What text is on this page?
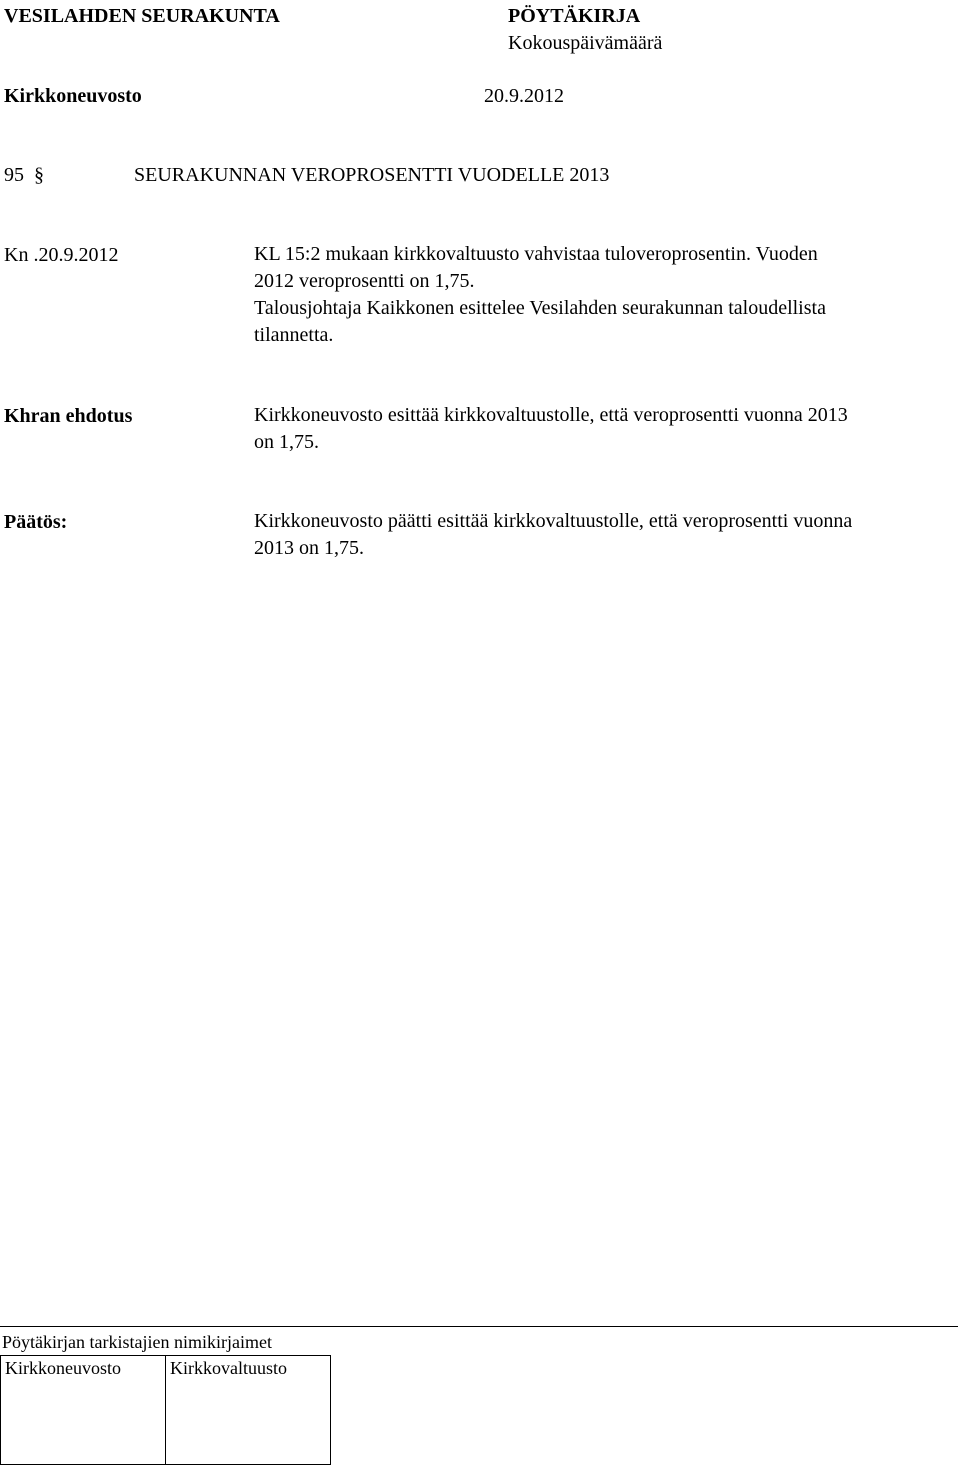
VESILAHDEN SEURAKUNTA	PÖYTÄKIRJA
Kokouspäivämäärä
Kirkkoneuvosto	20.9.2012
95 §	SEURAKUNNAN VEROPROSENTTI VUODELLE 2013
Kn .20.9.2012	KL 15:2 mukaan kirkkovaltuusto vahvistaa tuloveroprosentin. Vuoden
2012 veroprosentti on 1,75.
Talousjohtaja Kaikkonen esittelee Vesilahden seurakunnan taloudellista
tilannetta.
Khran ehdotus	Kirkkoneuvosto esittää kirkkovaltuustolle, että veroprosentti vuonna 2013
on 1,75.
Päätös:	Kirkkoneuvosto päätti esittää kirkkovaltuustolle, että veroprosentti vuonna
2013 on 1,75.
Pöytäkirjan tarkistajien nimikirjaimet
Kirkkoneuvosto	Kirkkovaltuusto
